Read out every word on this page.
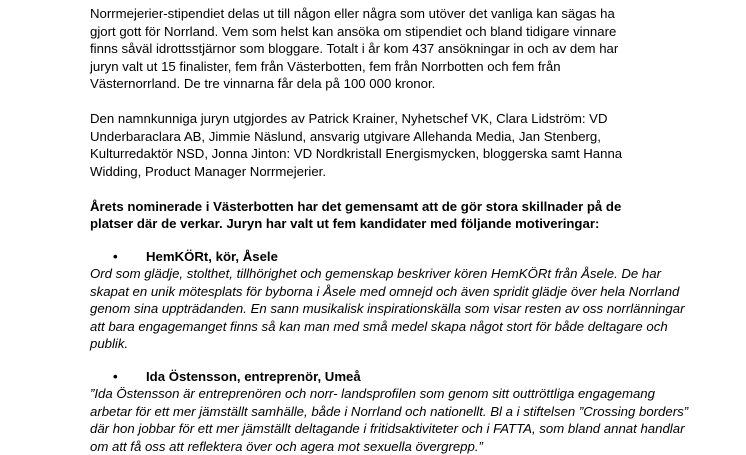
Norrmejerier-stipendiet delas ut till någon eller några som utöver det vanliga kan sägas ha
gjort gott för Norrland. Vem som helst kan ansöka om stipendiet och bland tidigare vinnare
finns såväl idrottsstjärnor som bloggare. Totalt i år kom 437 ansökningar in och av dem har
juryn valt ut 15 finalister, fem från Västerbotten, fem från Norrbotten och fem från
Västernorrland. De tre vinnarna får dela på 100 000 kronor.

Den namnkunniga juryn utgjordes av Patrick Krainer, Nyhetschef VK, Clara Lidström: VD
Underbaraclara AB, Jimmie Näslund, ansvarig utgivare Allehanda Media, Jan Stenberg,
Kulturredaktör NSD, Jonna Jinton: VD Nordkristall Energismycken, bloggerska samt Hanna
Widding, Product Manager Norrmejerier.

Årets nominerade i Västerbotten har det gemensamt att de gör stora skillnader på de
platser där de verkar. Juryn har valt ut fem kandidater med följande motiveringar:

• HemKÖRt, kör, Åsele

Ord som glädje, stolthet, tillhörighet och gemenskap beskriver kören HemKÖRt från Åsele. De har
skapat en unik mötesplats för byborna i Åsele med omnejd och även spridit glädje över hela Norrland
genom sina uppträdanden. En sann musikalisk inspirationskälla som visar resten av oss norrlänningar
att bara engagemanget finns så kan man med små medel skapa något stort för både deltagare och
publik.

• Ida Östensson, entreprenör, Umeå

”Ida Östensson är entreprenören och norr- landsprofilen som genom sitt outtröttliga engagemang
arbetar för ett mer jämställt samhälle, både i Norrland och nationellt. Bl a i stiftelsen ”Crossing borders”
där hon jobbar för ett mer jämställt deltagande i fritidsaktiviteter och i FATTA, som bland annat handlar
om att få oss att reflektera över och agera mot sexuella övergrepp.”
